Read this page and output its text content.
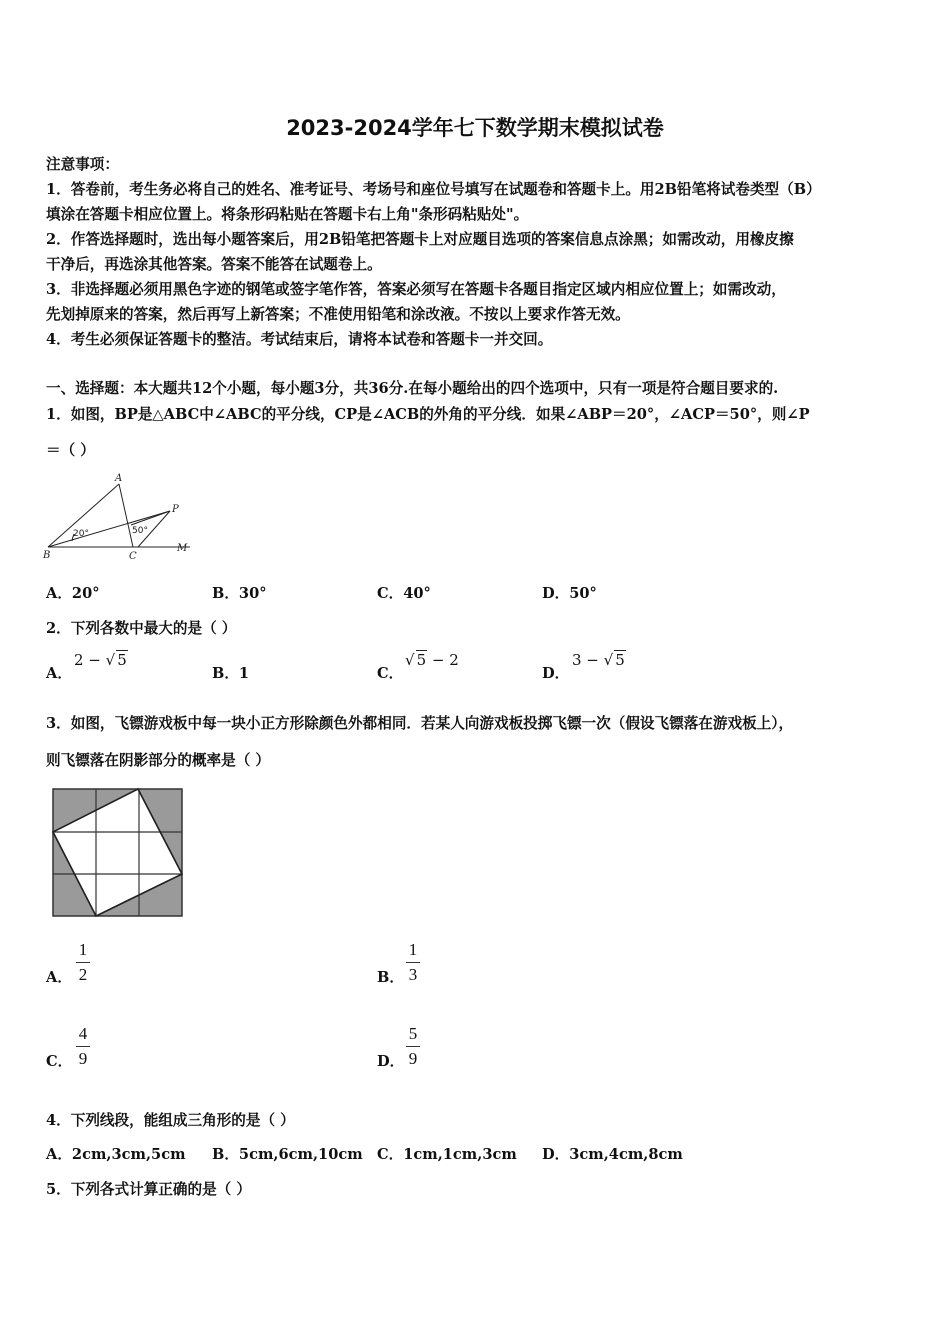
2023-2024学年七下数学期末模拟试卷
注意事项：
1．答卷前，考生务必将自己的姓名、准考证号、考场号和座位号填写在试题卷和答题卡上。用2B铅笔将试卷类型（B）
填涂在答题卡相应位置上。将条形码粘贴在答题卡右上角"条形码粘贴处"。
2．作答选择题时，选出每小题答案后，用2B铅笔把答题卡上对应题目选项的答案信息点涂黑；如需改动，用橡皮擦
干净后，再选涂其他答案。答案不能答在试题卷上。
3．非选择题必须用黑色字迹的钢笔或签字笔作答，答案必须写在答题卡各题目指定区域内相应位置上；如需改动，
先划掉原来的答案，然后再写上新答案；不准使用铅笔和涂改液。不按以上要求作答无效。
4．考生必须保证答题卡的整洁。考试结束后，请将本试卷和答题卡一并交回。
一、选择题：本大题共12个小题，每小题3分，共36分.在每小题给出的四个选项中，只有一项是符合题目要求的.
1．如图，BP是△ABC中∠ABC的平分线，CP是∠ACB的外角的平分线．如果∠ABP＝20°，∠ACP＝50°，则∠P
＝（ ）
A
B	C
P
M
20°	50°
A．20°	B．30°	C．40°	D．50°
2．下列各数中最大的是（ ）
A．
2 − √ 5
B．1	C．
√ 5 − 2
D．
3 − √ 5
3．如图，飞镖游戏板中每一块小正方形除颜色外都相同．若某人向游戏板投掷飞镖一次（假设飞镖落在游戏板上），
则飞镖落在阴影部分的概率是（ ）
A．
1
2	B．
1
3
C．
4
9	D．
5
9
4．下列线段，能组成三角形的是（ ）
A．2cm,3cm,5cm B．5cm,6cm,10cm C．1cm,1cm,3cm D．3cm,4cm,8cm
5．下列各式计算正确的是（ ）
